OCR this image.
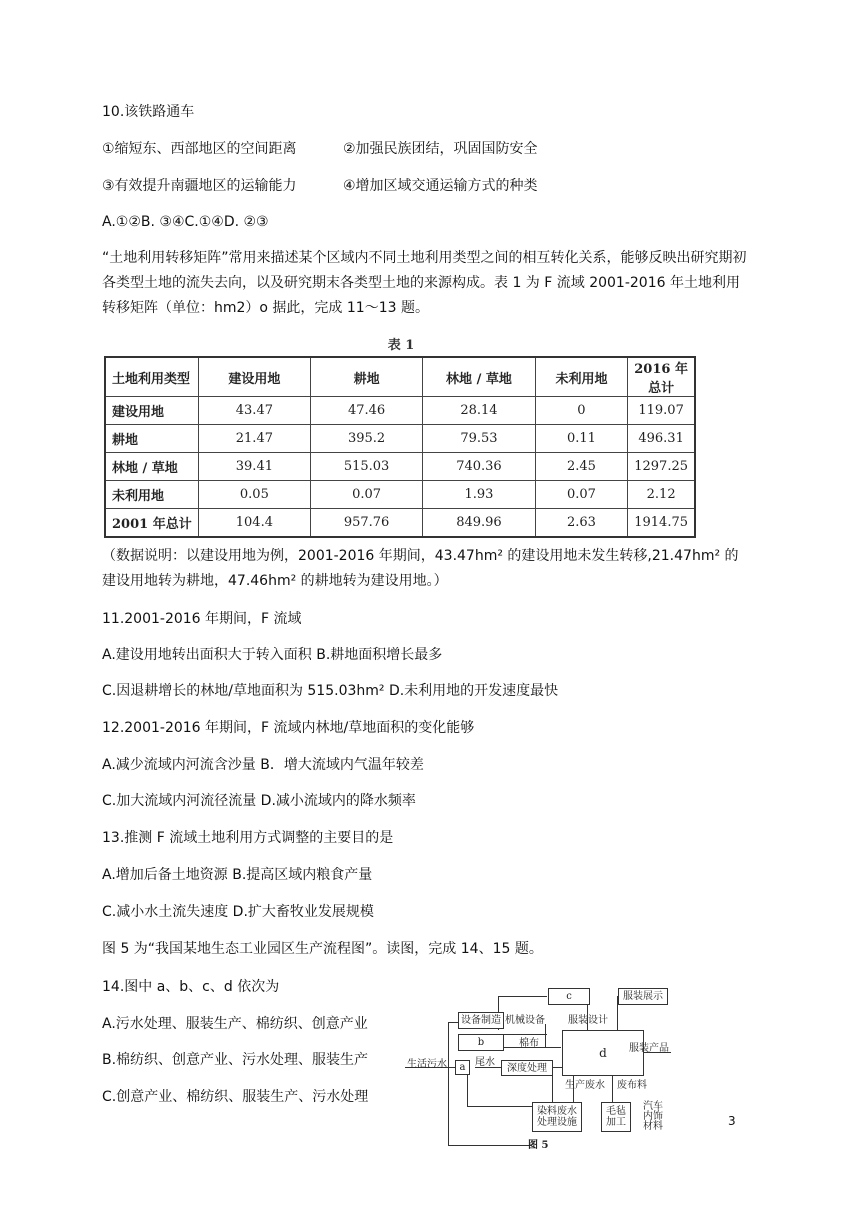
10.该铁路通车
①缩短东、西部地区的空间距离	②加强民族团结，巩固国防安全
③有效提升南疆地区的运输能力	④增加区域交通运输方式的种类
A.①②B. ③④C.①④D. ②③
“土地利用转移矩阵”常用来描述某个区域内不同土地利用类型之间的相互转化关系，能够反映出研究期初各类型土地的流失去向，以及研究期末各类型土地的来源构成。表 1 为 F 流域 2001-2016 年土地利用转移矩阵（单位：hm2）o 据此，完成 11～13 题。
表 1
土地利用类型	建设用地	耕地	林地 / 草地	未利用地	2016 年总计
建设用地	43.47	47.46	28.14	0	119.07
耕地	21.47	395.2	79.53	0.11	496.31
林地 / 草地	39.41	515.03	740.36	2.45	1297.25
未利用地	0.05	0.07	1.93	0.07	2.12
2001 年总计	104.4	957.76	849.96	2.63	1914.75
（数据说明：以建设用地为例，2001-2016 年期间，43.47hm² 的建设用地未发生转移,21.47hm² 的建设用地转为耕地，47.46hm² 的耕地转为建设用地。）
11.2001-2016 年期间，F 流域
A.建设用地转出面积大于转入面积 B.耕地面积增长最多
C.因退耕增长的林地/草地面积为 515.03hm² D.未利用地的开发速度最快
12.2001-2016 年期间，F 流域内林地/草地面积的变化能够
A.减少流域内河流含沙量 B．增大流域内气温年较差
C.加大流域内河流径流量 D.减小流域内的降水频率
13.推测 F 流域土地利用方式调整的主要目的是
A.增加后备土地资源 B.提高区域内粮食产量
C.减小水土流失速度 D.扩大畜牧业发展规模
图 5 为“我国某地生态工业园区生产流程图”。读图，完成 14、15 题。
14.图中 a、b、c、d 依次为
A.污水处理、服装生产、棉纺织、创意产业
B.棉纺织、创意产业、污水处理、服装生产
C.创意产业、棉纺织、服装生产、污水处理
c	服装展示
设备制造 机械设备 服装设计
b	棉布
d	服装产品
生活污水	a 尾水	深度处理
生产废水 废布料
染料废水处理设施
毛毡加工
汽车内饰材料
图 5
3
